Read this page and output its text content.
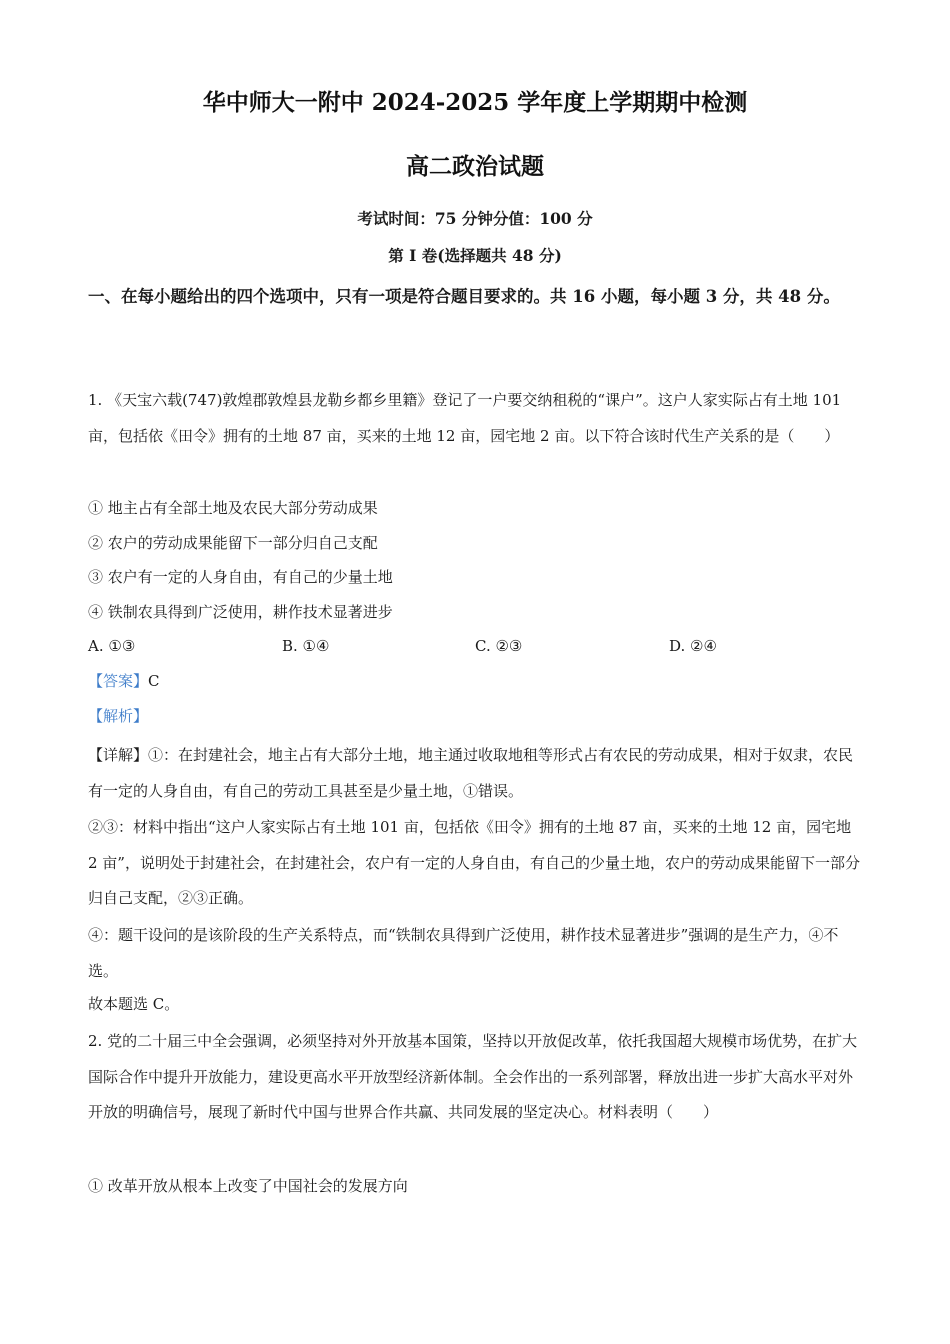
华中师大一附中 2024-2025 学年度上学期期中检测
高二政治试题
考试时间：75 分钟分值：100 分
第 I 卷(选择题共 48 分)
一、在每小题给出的四个选项中，只有一项是符合题目要求的。共 16 小题，每小题 3 分，共 48 分。
1. 《天宝六载(747)敦煌郡敦煌县龙勒乡都乡里籍》登记了一户要交纳租税的“课户”。这户人家实际占有土地 101 亩，包括依《田令》拥有的土地 87 亩，买来的土地 12 亩，园宅地 2 亩。以下符合该时代生产关系的是（　　）
① 地主占有全部土地及农民大部分劳动成果
② 农户的劳动成果能留下一部分归自己支配
③ 农户有一定的人身自由，有自己的少量土地
④ 铁制农具得到广泛使用，耕作技术显著进步
A. ①③	B. ①④	C. ②③	D. ②④
【答案】C
【解析】
【详解】①：在封建社会，地主占有大部分土地，地主通过收取地租等形式占有农民的劳动成果，相对于奴隶，农民有一定的人身自由，有自己的劳动工具甚至是少量土地，①错误。
②③：材料中指出“这户人家实际占有土地 101 亩，包括依《田令》拥有的土地 87 亩，买来的土地 12 亩，园宅地 2 亩”，说明处于封建社会，在封建社会，农户有一定的人身自由，有自己的少量土地，农户的劳动成果能留下一部分归自己支配，②③正确。
④：题干设问的是该阶段的生产关系特点，而“铁制农具得到广泛使用，耕作技术显著进步”强调的是生产力，④不选。
故本题选 C。
2. 党的二十届三中全会强调，必须坚持对外开放基本国策，坚持以开放促改革，依托我国超大规模市场优势，在扩大国际合作中提升开放能力，建设更高水平开放型经济新体制。全会作出的一系列部署，释放出进一步扩大高水平对外开放的明确信号，展现了新时代中国与世界合作共赢、共同发展的坚定决心。材料表明（　　）
① 改革开放从根本上改变了中国社会的发展方向
